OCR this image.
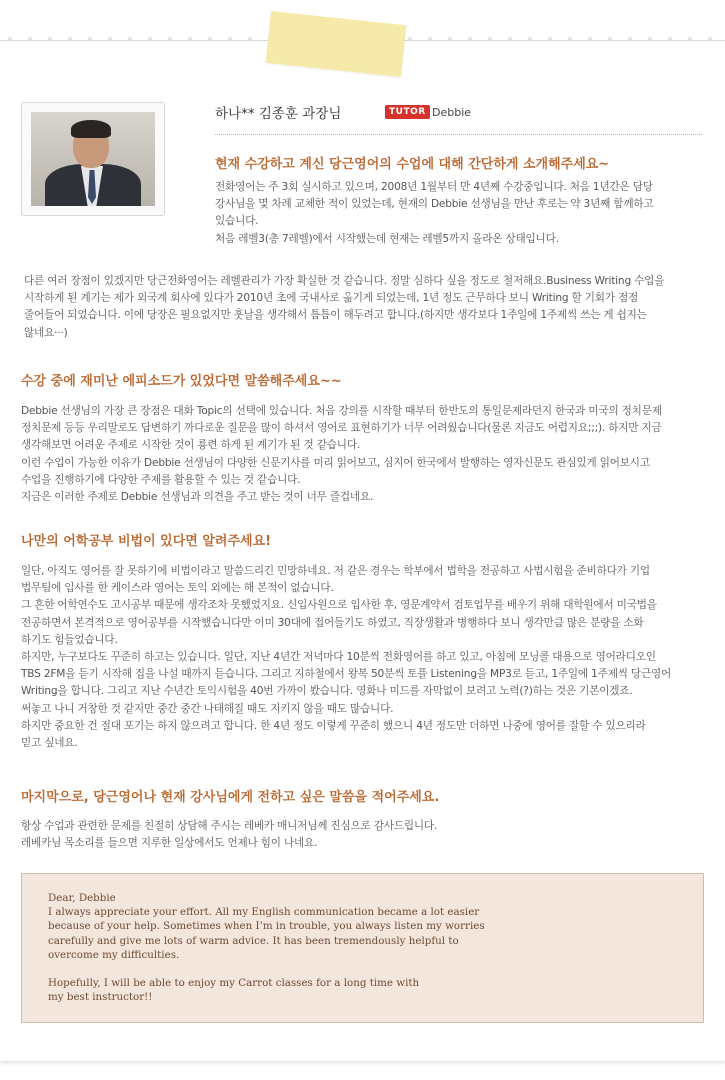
하나** 김종훈 과장님	TUTOR Debbie
현재 수강하고 계신 당근영어의 수업에 대해 간단하게 소개해주세요~
전화영어는 주 3회 실시하고 있으며, 2008년 1월부터 만 4년째 수강중입니다. 처음 1년간은 담당
강사님을 몇 차례 교체한 적이 있었는데, 현재의 Debbie 선생님을 만난 후로는 약 3년째 함께하고
있습니다.
처음 레벨3(총 7레벨)에서 시작했는데 현재는 레벨5까지 올라온 상태입니다.
다른 여러 장점이 있겠지만 당근전화영어는 레벨관리가 가장 확실한 것 같습니다. 정말 심하다 싶을 정도로 철저해요.Business Writing 수업을
시작하게 된 계기는 제가 외국계 회사에 있다가 2010년 초에 국내사로 옮기게 되었는데, 1년 정도 근무하다 보니 Writing 할 기회가 점점
줄어들어 되었습니다. 이에 당장은 필요없지만 훗날을 생각해서 틈틈이 해두려고 합니다.(하지만 생각보다 1주일에 1주제씩 쓰는 게 쉽지는
않네요···)
수강 중에 재미난 에피소드가 있었다면 말씀해주세요~~
Debbie 선생님의 가장 큰 장점은 대화 Topic의 선택에 있습니다. 처음 강의를 시작할 때부터 한반도의 통일문제라던지 한국과 미국의 정치문제
정치문제 등등 우리말로도 답변하기 까다로운 질문을 많이 하셔서 영어로 표현하기가 너무 어려웠습니다(물론 지금도 어렵지요;;;). 하지만 지금
생각해보면 어려운 주제로 시작한 것이 룡련 하게 된 계기가 된 것 같습니다.
이런 수업이 가능한 이유가 Debbie 선생님이 다양한 신문기사를 미리 읽어보고, 심지어 한국에서 발행하는 영자신문도 관심있게 읽어보시고
수업을 진행하기에 다양한 주제를 활용할 수 있는 것 같습니다.
지금은 이러한 주제로 Debbie 선생님과 의견을 주고 받는 것이 너무 즐겁네요.
나만의 어학공부 비법이 있다면 알려주세요!
일단, 아직도 영어를 잘 못하기에 비법이라고 말씀드리긴 민망하네요. 저 같은 경우는 학부에서 법학을 전공하고 사법시험을 준비하다가 기업
법무팀에 입사를 한 케이스라 영어는 토익 외에는 해 본적이 없습니다.
그 흔한 어학연수도 고시공부 때문에 생각조차 못했었지요. 신입사원으로 입사한 후, 영문계약서 검토업무를 배우기 위해 대학원에서 미국법을
전공하면서 본격적으로 영어공부를 시작했습니다만 이미 30대에 접어들기도 하였고, 직장생활과 병행하다 보니 생각만큼 많은 분량을 소화
하기도 힘들었습니다.
하지만, 누구보다도 꾸준히 하고는 있습니다. 일단, 지난 4년간 저녁마다 10분씩 전화영어를 하고 있고, 아침에 모닝콜 대용으로 영어라디오인
TBS 2FM을 듣기 시작해 집을 나설 때까지 듣습니다. 그리고 지하철에서 왕복 50분씩 토플 Listening을 MP3로 듣고, 1주일에 1주제씩 당근영어
Writing을 합니다. 그리고 지난 수년간 토익시험을 40번 가까이 봤습니다. 영화나 미드를 자막없이 보려고 노력(?)하는 것은 기본이겠죠.
써놓고 나니 거창한 것 같지만 중간 중간 나태해질 때도 지키지 않을 때도 많습니다.
하지만 중요한 건 절대 포기는 하지 않으려고 합니다. 한 4년 정도 이렇게 꾸준히 했으니 4년 정도만 더하면 나중에 영어를 잘할 수 있으리라
믿고 싶네요.
마지막으로, 당근영어나 현재 강사님에게 전하고 싶은 말씀을 적어주세요.
항상 수업과 관련한 문제를 친절히 상담해 주시는 레베카 매니저님께 진심으로 감사드립니다.
레베카님 목소리를 들으면 지루한 일상에서도 언제나 힘이 나네요.
Dear, Debbie
I always appreciate your effort. All my English communication became a lot easier
because of your help. Sometimes when I’m in trouble, you always listen my worries
carefully and give me lots of warm advice. It has been tremendously helpful to
overcome my difficulties.

Hopefully, I will be able to enjoy my Carrot classes for a long time with
my best instructor!!
